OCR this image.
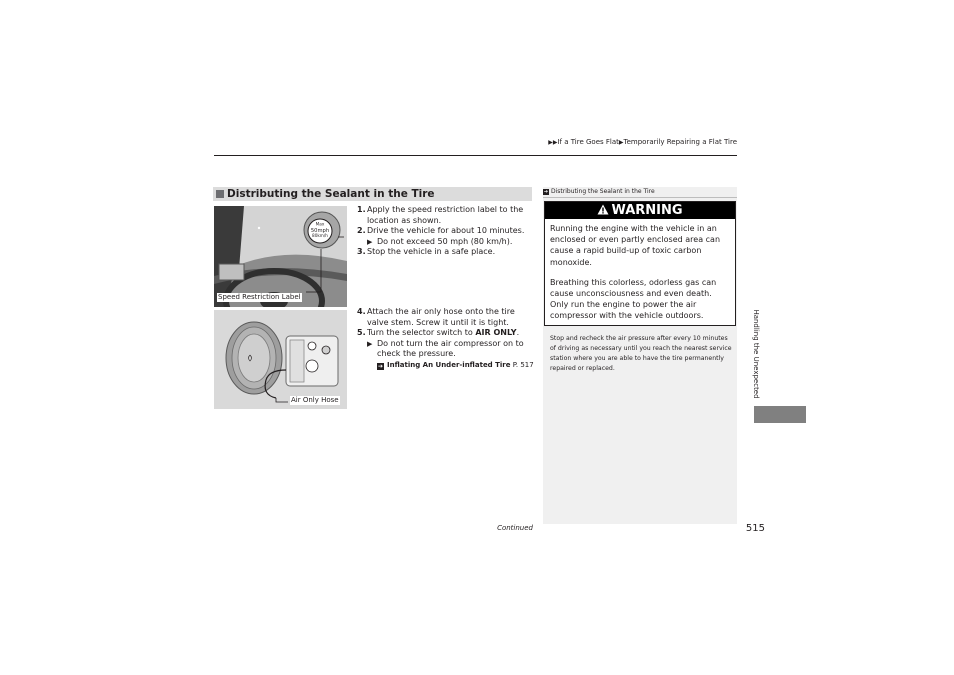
▶▶If a Tire Goes Flat▶Temporarily Repairing a Flat Tire
Distributing the Sealant in the Tire
Max
50mph
80km/h
Speed Restriction Label
Air Only Hose
1. Apply the speed restriction label to the location as shown.
2. Drive the vehicle for about 10 minutes.
▶ Do not exceed 50 mph (80 km/h).
3. Stop the vehicle in a safe place.
4. Attach the air only hose onto the tire valve stem. Screw it until it is tight.
5. Turn the selector switch to AIR ONLY.
▶ Do not turn the air compressor on to check the pressure.
➔ Inflating An Under-inflated Tire P. 517
➔ Distributing the Sealant in the Tire
WARNING

Running the engine with the vehicle in an enclosed or even partly enclosed area can cause a rapid build-up of toxic carbon monoxide.

Breathing this colorless, odorless gas can cause unconsciousness and even death.

Only run the engine to power the air compressor with the vehicle outdoors.

Stop and recheck the air pressure after every 10 minutes of driving as necessary until you reach the nearest service station where you are able to have the tire permanently repaired or replaced.	Handling the Unexpected
Continued	515
